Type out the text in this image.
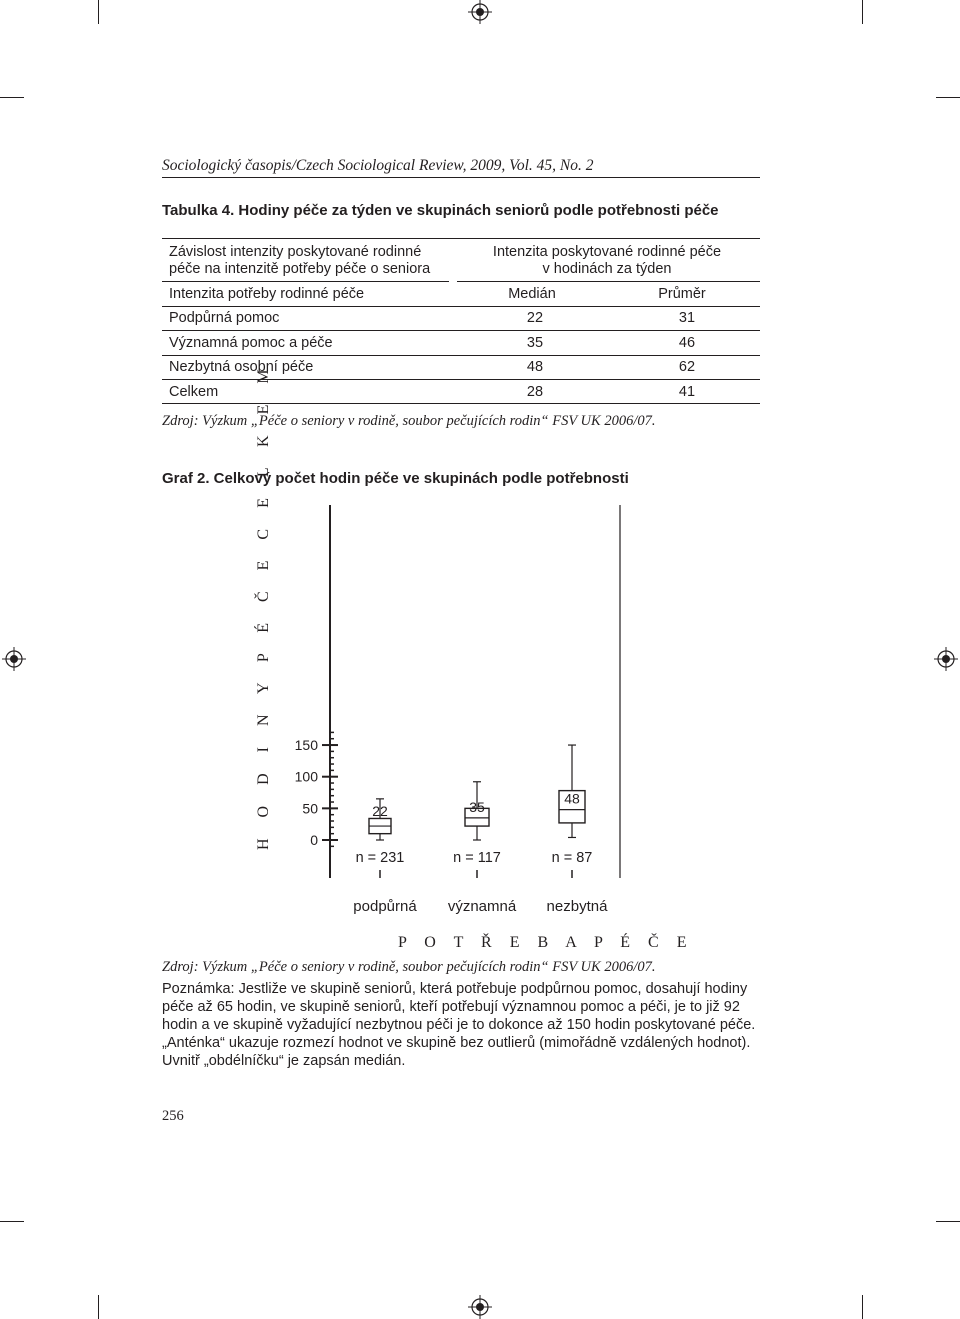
Sociologický časopis/Czech Sociological Review, 2009, Vol. 45, No. 2
Tabulka 4. Hodiny péče za týden ve skupinách seniorů podle potřebnosti péče
Závislost intenzity poskytované rodinné
péče na intenzitě potřeby péče o seniora
Intenzita poskytované rodinné péče
v hodinách za týden
Intenzita potřeby rodinné péče	Medián	Průměr
Podpůrná pomoc	22	31
Významná pomoc a péče	35	46
Nezbytná osobní péče	48	62
Celkem	28	41
Zdroj: Výzkum „Péče o seniory v rodině, soubor pečujících rodin“ FSV UK 2006/07.
Graf 2. Celkový počet hodin péče ve skupinách podle potřebnosti
H O D I N Y P É Č E C E L K E M	0
50
100
150
22
n = 231
podpůrná
35
n = 117
významná
48
n = 87
nezbytná
P O T Ř E B A P É Č E
Zdroj: Výzkum „Péče o seniory v rodině, soubor pečujících rodin“ FSV UK 2006/07.
Poznámka: Jestliže ve skupině seniorů, která potřebuje podpůrnou pomoc, dosahují hodiny péče až 65 hodin, ve skupině seniorů, kteří potřebují významnou pomoc a péči, je to již 92 hodin a ve skupině vyžadující nezbytnou péči je to dokonce až 150 hodin poskytované péče. „Anténka“ ukazuje rozmezí hodnot ve skupině bez outlierů (mimořádně vzdálených hodnot). Uvnitř „obdélníčku“ je zapsán medián.
256
